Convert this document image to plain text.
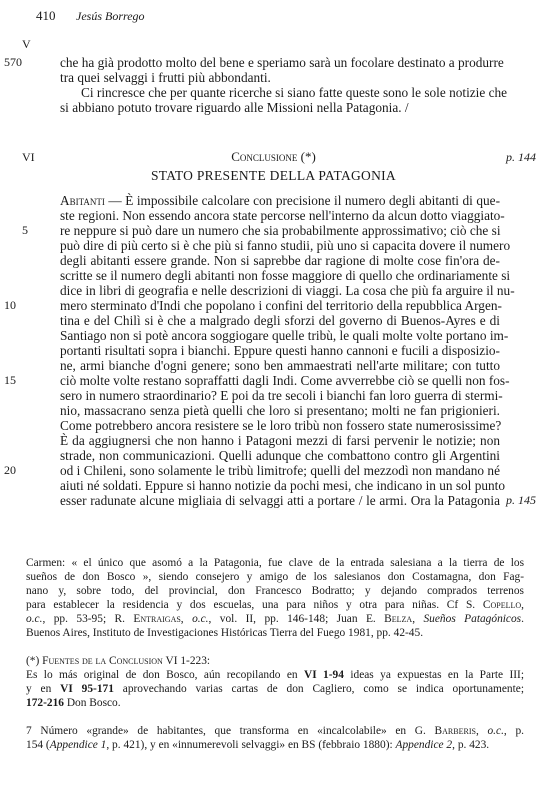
410 Jesús Borrego
V
570	che ha già prodotto molto del bene e speriamo sarà un focolare destinato a produrre
tra quei selvaggi i frutti più abbondanti.
Ci rincresce che per quante ricerche si siano fatte queste sono le sole notizie che
si abbiano potuto trovare riguardo alle Missioni nella Patagonia. /
VI	Conclusione (*)	p. 144
STATO PRESENTE DELLA PATAGONIA
Abitanti — È impossibile calcolare con precisione il numero degli abitanti di que-
ste regioni. Non essendo ancora state percorse nell'interno da alcun dotto viaggiato-
re neppure si può dare un numero che sia probabilmente approssimativo; ciò che si
può dire di più certo si è che più si fanno studii, più uno si capacita dovere il numero
degli abitanti essere grande. Non si saprebbe dar ragione di molte cose fin'ora de-
scritte se il numero degli abitanti non fosse maggiore di quello che ordinariamente si
dice in libri di geografia e nelle descrizioni di viaggi. La cosa che più fa arguire il nu-
mero sterminato d'Indi che popolano i confini del territorio della repubblica Argen-
tina e del Chilì si è che a malgrado degli sforzi del governo di Buenos-Ayres e di
Santiago non si potè ancora soggiogare quelle tribù, le quali molte volte portano im-
portanti risultati sopra i bianchi. Eppure questi hanno cannoni e fucili a disposizio-
ne, armi bianche d'ogni genere; sono ben ammaestrati nell'arte militare; con tutto
ciò molte volte restano sopraffatti dagli Indi. Come avverrebbe ciò se quelli non fos-
sero in numero straordinario? E poi da tre secoli i bianchi fan loro guerra di stermi-
nio, massacrano senza pietà quelli che loro si presentano; molti ne fan prigionieri.
Come potrebbero ancora resistere se le loro tribù non fossero state numerosissime?
È da aggiugnersi che non hanno i Patagoni mezzi di farsi pervenir le notizie; non
strade, non communicazioni. Quelli adunque che combattono contro gli Argentini
od i Chileni, sono solamente le tribù limitrofe; quelli del mezzodì non mandano né
aiuti né soldati. Eppure si hanno notizie da pochi mesi, che indicano in un sol punto
esser radunate alcune migliaia di selvaggi atti a portare / le armi. Ora la Patagonia
5
10
15
20
p. 145
Carmen: « el único que asomó a la Patagonia, fue clave de la entrada salesiana a la tierra de los
sueños de don Bosco », siendo consejero y amigo de los salesianos don Costamagna, don Fag-
nano y, sobre todo, del provincial, don Francesco Bodratto; y dejando comprados terrenos
para establecer la residencia y dos escuelas, una para niños y otra para niñas. Cf S. Copello,
o.c., pp. 53-95; R. Entraigas, o.c., vol. II, pp. 146-148; Juan E. Belza, Sueños Patagónicos.
Buenos Aires, Instituto de Investigaciones Históricas Tierra del Fuego 1981, pp. 42-45.
(*) Fuentes de la Conclusion VI 1-223:
Es lo más original de don Bosco, aún recopilando en VI 1-94 ideas ya expuestas en la Parte III;
y en VI 95-171 aprovechando varias cartas de don Cagliero, como se indica oportunamente;
172-216 Don Bosco.
7 Número «grande» de habitantes, que transforma en «incalcolabile» en G. Barberis, o.c., p.
154 (Appendice 1, p. 421), y en «innumerevoli selvaggi» en BS (febbraio 1880): Appendice 2, p. 423.
